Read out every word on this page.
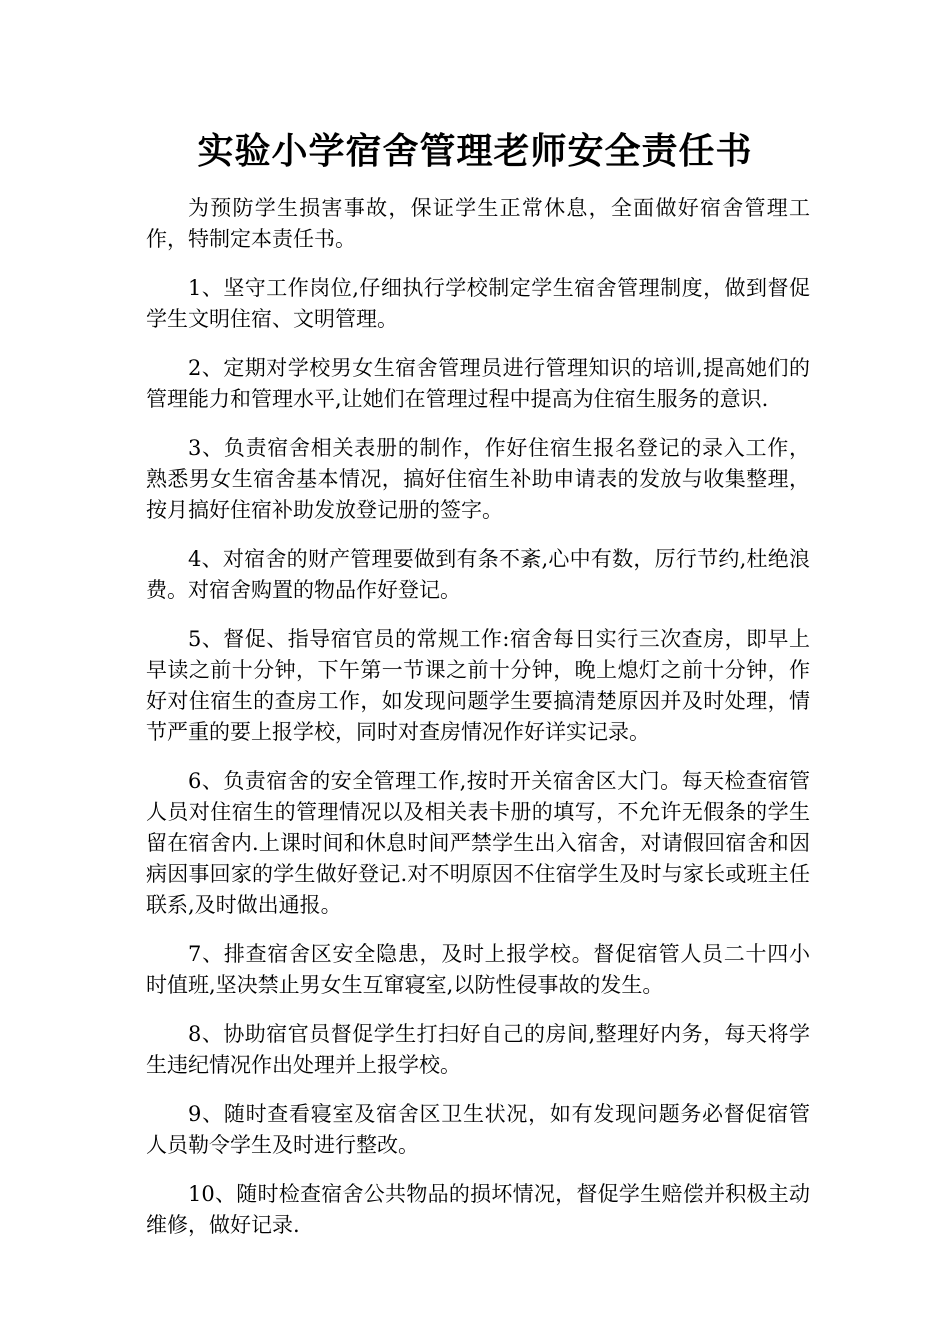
实验小学宿舍管理老师安全责任书

为预防学生损害事故，保证学生正常休息，全面做好宿舍管理工作，特制定本责任书。

1、坚守工作岗位,仔细执行学校制定学生宿舍管理制度，做到督促学生文明住宿、文明管理。

2、定期对学校男女生宿舍管理员进行管理知识的培训,提高她们的管理能力和管理水平,让她们在管理过程中提高为住宿生服务的意识.

3、负责宿舍相关表册的制作，作好住宿生报名登记的录入工作，熟悉男女生宿舍基本情况，搞好住宿生补助申请表的发放与收集整理，按月搞好住宿补助发放登记册的签字。

4、对宿舍的财产管理要做到有条不紊,心中有数，厉行节约,杜绝浪费。对宿舍购置的物品作好登记。

5、督促、指导宿官员的常规工作:宿舍每日实行三次查房，即早上早读之前十分钟，下午第一节课之前十分钟，晚上熄灯之前十分钟，作好对住宿生的查房工作，如发现问题学生要搞清楚原因并及时处理，情节严重的要上报学校，同时对查房情况作好详实记录。

6、负责宿舍的安全管理工作,按时开关宿舍区大门。每天检查宿管人员对住宿生的管理情况以及相关表卡册的填写，不允许无假条的学生留在宿舍内.上课时间和休息时间严禁学生出入宿舍，对请假回宿舍和因病因事回家的学生做好登记.对不明原因不住宿学生及时与家长或班主任联系,及时做出通报。

7、排查宿舍区安全隐患，及时上报学校。督促宿管人员二十四小时值班,坚决禁止男女生互窜寝室,以防性侵事故的发生。

8、协助宿官员督促学生打扫好自己的房间,整理好内务，每天将学生违纪情况作出处理并上报学校。

9、随时查看寝室及宿舍区卫生状况，如有发现问题务必督促宿管人员勒令学生及时进行整改。

10、随时检查宿舍公共物品的损坏情况，督促学生赔偿并积极主动维修，做好记录.
